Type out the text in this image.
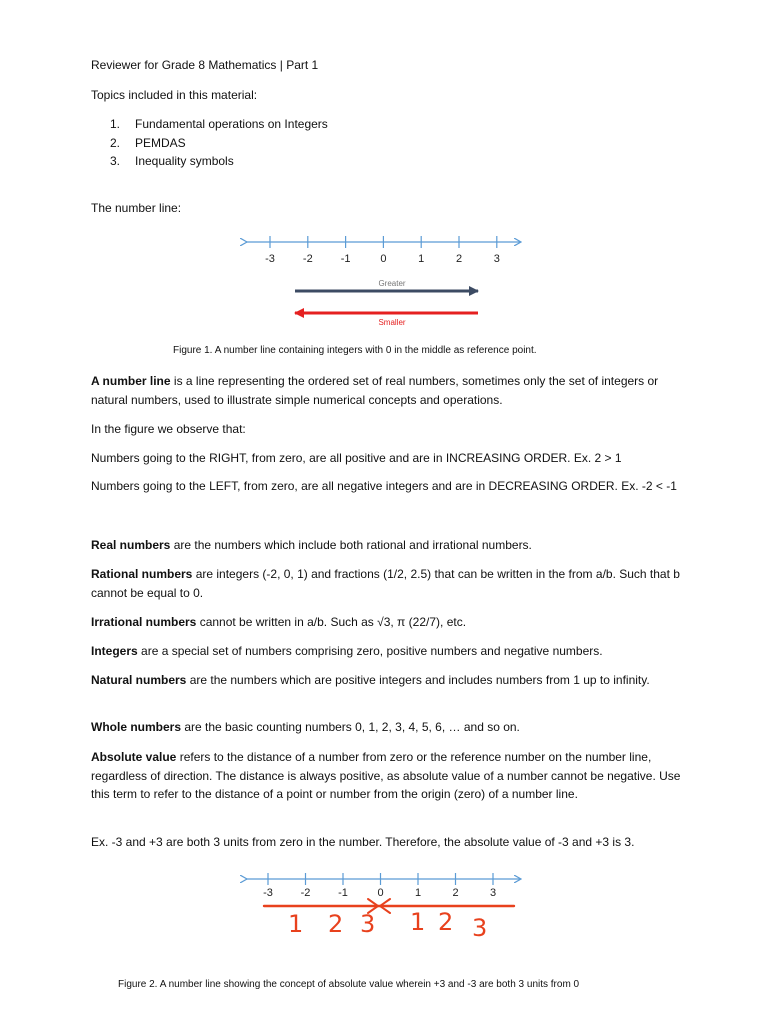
Reviewer for Grade 8 Mathematics | Part 1
Topics included in this material:
1. Fundamental operations on Integers
2. PEMDAS
3. Inequality symbols
The number line:
-3	-2	-1	0	1	2	3
Greater
Smaller
Figure 1. A number line containing integers with 0 in the middle as reference point.
A number line is a line representing the ordered set of real numbers, sometimes only the set of integers or natural numbers, used to illustrate simple numerical concepts and operations.
In the figure we observe that:
Numbers going to the RIGHT, from zero, are all positive and are in INCREASING ORDER. Ex. 2 > 1
Numbers going to the LEFT, from zero, are all negative integers and are in DECREASING ORDER. Ex. -2 < -1
Real numbers are the numbers which include both rational and irrational numbers.
Rational numbers are integers (-2, 0, 1) and fractions (1/2, 2.5) that can be written in the from a/b. Such that b cannot be equal to 0.
Irrational numbers cannot be written in a/b. Such as √3, π (22/7), etc.
Integers are a special set of numbers comprising zero, positive numbers and negative numbers.
Natural numbers are the numbers which are positive integers and includes numbers from 1 up to infinity.
Whole numbers are the basic counting numbers 0, 1, 2, 3, 4, 5, 6, … and so on.
Absolute value refers to the distance of a number from zero or the reference number on the number line, regardless of direction. The distance is always positive, as absolute value of a number cannot be negative. Use this term to refer to the distance of a point or number from the origin (zero) of a number line.
Ex. -3 and +3 are both 3 units from zero in the number. Therefore, the absolute value of -3 and +3 is 3.
-3	-2	-1	0	1	2	3
1 2 3 1 2 3
Figure 2. A number line showing the concept of absolute value wherein +3 and -3 are both 3 units from 0
